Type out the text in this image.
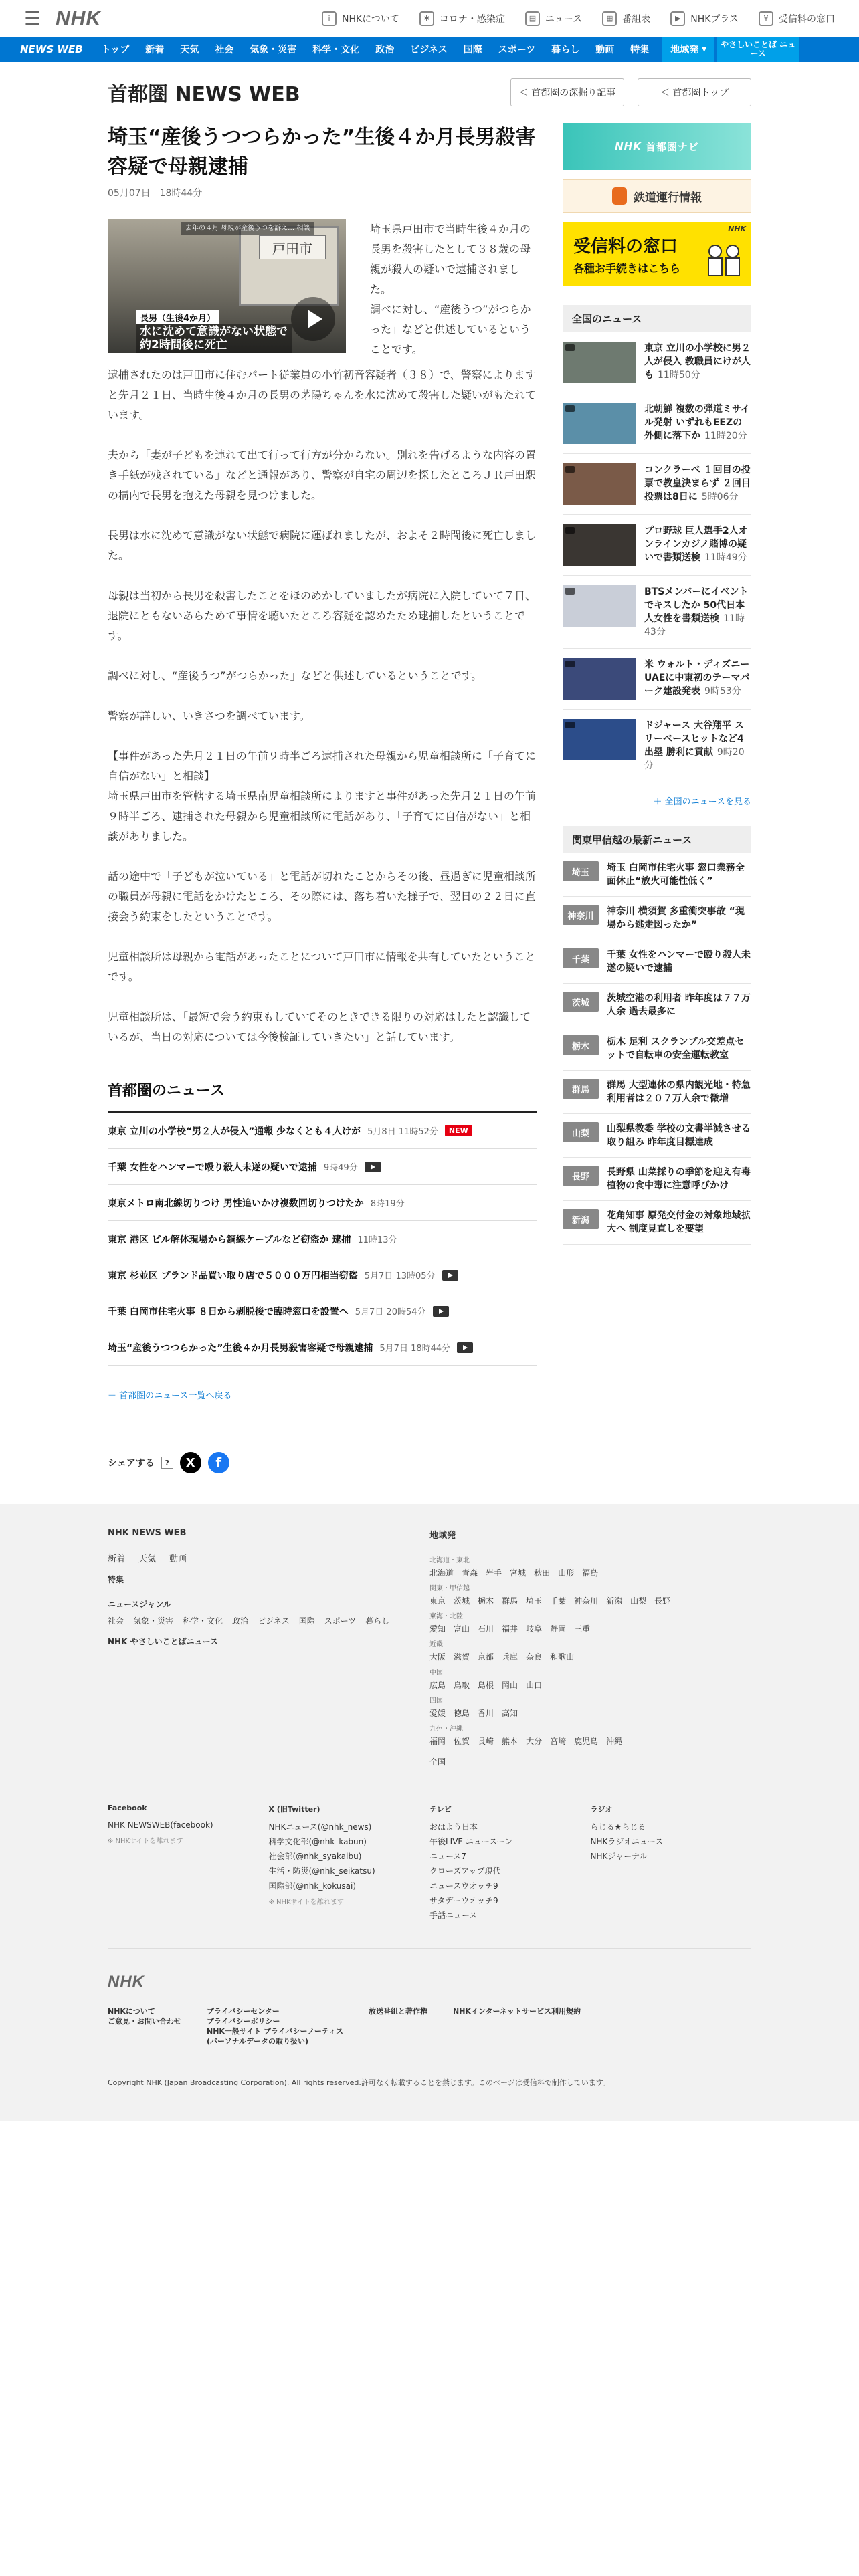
☰ NHK	i	NHKについて	✱	コロナ・感染症	▤ ニュース	▦ 番組表	▶	NHKプラス	¥	受信料の窓口
NEWS WEB	トップ	新着	天気	社会	気象・災害	科学・文化	政治	ビジネス	国際	スポーツ	暮らし	動画	特集	地域発 ▾	やさしいことば ニュース
首都圏 NEWS WEB	＜ 首都圏の深掘り記事	＜ 首都圏トップ
埼玉“産後うつつらかった”生後４か月長男殺害容疑で母親逮捕
05月07日 18時44分
戸田市
去年の４月 母親が産後うつを訴え… 相談
長男（生後4か月）
水に沈めて意識がない状態で
約2時間後に死亡

埼玉県戸田市で当時生後４か月の長男を殺害したとして３８歳の母親が殺人の疑いで逮捕されました。

調べに対し、“産後うつ”がつらかった」などと供述しているということです。

逮捕されたのは戸田市に住むパート従業員の小竹初音容疑者（３８）で、警察によりますと先月２１日、当時生後４か月の長男の茅陽ちゃんを水に沈めて殺害した疑いがもたれています。

夫から「妻が子どもを連れて出て行って行方が分からない。別れを告げるような内容の置き手紙が残されている」などと通報があり、警察が自宅の周辺を探したところＪＲ戸田駅の構内で長男を抱えた母親を見つけました。

長男は水に沈めて意識がない状態で病院に運ばれましたが、およそ２時間後に死亡しました。

母親は当初から長男を殺害したことをほのめかしていましたが病院に入院していて７日、退院にともないあらためて事情を聴いたところ容疑を認めたため逮捕したということです。

調べに対し、“産後うつ”がつらかった」などと供述しているということです。

警察が詳しい、いきさつを調べています。

【事件があった先月２１日の午前９時半ごろ逮捕された母親から児童相談所に「子育てに自信がない」と相談】
埼玉県戸田市を管轄する埼玉県南児童相談所によりますと事件があった先月２１日の午前９時半ごろ、逮捕された母親から児童相談所に電話があり、「子育てに自信がない」と相談がありました。

話の途中で「子どもが泣いている」と電話が切れたことからその後、昼過ぎに児童相談所の職員が母親に電話をかけたところ、その際には、落ち着いた様子で、翌日の２２日に直接会う約束をしたということです。

児童相談所は母親から電話があったことについて戸田市に情報を共有していたということです。

児童相談所は、「最短で会う約束もしていてそのときできる限りの対応はしたと認識しているが、当日の対応については今後検証していきたい」と話しています。

首都圏のニュース
東京 立川の小学校“男２人が侵入”通報 少なくとも４人けが 5月8日 11時52分	NEW
千葉 女性をハンマーで殴り殺人未遂の疑いで逮捕 9時49分
東京メトロ南北線切りつけ 男性追いかけ複数回切りつけたか 8時19分
東京 港区 ビル解体現場から銅線ケーブルなど窃盗か 逮捕 11時13分
東京 杉並区 ブランド品買い取り店で５０００万円相当窃盗 5月7日 13時05分
千葉 白岡市住宅火事 ８日から剥脱後で臨時窓口を設置へ 5月7日 20時54分
埼玉“産後うつつらかった”生後４か月長男殺害容疑で母親逮捕 5月7日 18時44分
＋ 首都圏のニュース一覧へ戻る
シェアする	?	X	f
NHK 首都圏ナビ
鉄道運行情報
NHK
受信料の窓口
各種お手続きはこちら
全国のニュース
東京 立川の小学校に男２人が侵入 教職員にけが人も 11時50分
北朝鮮 複数の弾道ミサイル発射 いずれもEEZの外側に落下か 11時20分
コンクラーベ １回目の投票で教皇決まらず ２回目投票は8日に 5時06分
プロ野球 巨人選手2人オンラインカジノ賭博の疑いで書類送検 11時49分
BTSメンバーにイベントでキスしたか 50代日本人女性を書類送検 11時43分
米 ウォルト・ディズニー UAEに中東初のテーマパーク建設発表 9時53分
ドジャース 大谷翔平 スリーベースヒットなど4出塁 勝利に貢献 9時20分
＋ 全国のニュースを見る
関東甲信越の最新ニュース
埼玉	埼玉 白岡市住宅火事 窓口業務全面休止“放火可能性低く”
神奈川	神奈川 横須賀 多重衝突事故 “現場から逃走図ったか”
千葉	千葉 女性をハンマーで殴り殺人未遂の疑いで逮捕
茨城	茨城空港の利用者 昨年度は７７万人余 過去最多に
栃木	栃木 足利 スクランブル交差点セットで自転車の安全運転教室
群馬	群馬 大型連休の県内観光地・特急利用者は２０７万人余で微増
山梨	山梨県教委 学校の文書半減させる取り組み 昨年度目標達成
長野	長野県 山菜採りの季節を迎え有毒植物の食中毒に注意呼びかけ
新潟	花角知事 原発交付金の対象地域拡大へ 制度見直しを要望
NHK NEWS WEB
新着 天気 動画
特集
ニュースジャンル
社会 気象・災害 科学・文化 政治 ビジネス 国際 スポーツ 暮らし
NHK やさしいことばニュース
地域発
北海道・東北
北海道 青森 岩手 宮城 秋田 山形 福島
関東・甲信越
東京 茨城 栃木 群馬 埼玉 千葉 神奈川 新潟 山梨 長野
東海・北陸
愛知 富山 石川 福井 岐阜 静岡 三重
近畿
大阪 滋賀 京都 兵庫 奈良 和歌山
中国
広島 鳥取 島根 岡山 山口
四国
愛媛 徳島 香川 高知
九州・沖縄
福岡 佐賀 長崎 熊本 大分 宮崎 鹿児島 沖縄
全国
Facebook
NHK NEWSWEB(facebook)
※ NHKサイトを離れます
X (旧Twitter)
NHKニュース(@nhk_news)
科学文化部(@nhk_kabun)
社会部(@nhk_syakaibu)
生活・防災(@nhk_seikatsu)
国際部(@nhk_kokusai)
※ NHKサイトを離れます
テレビ
おはよう日本
午後LIVE ニュースーン
ニュース7
クローズアップ現代
ニュースウオッチ9
サタデーウオッチ9
手話ニュース
ラジオ
らじる★らじる
NHKラジオニュース
NHKジャーナル
NHK
NHKについて
ご意見・お問い合わせ
プライバシーセンター
プライバシーポリシー
NHK一般サイト プライバシーノーティス
(パーソナルデータの取り扱い)
放送番組と著作権	NHKインターネットサービス利用規約
Copyright NHK (Japan Broadcasting Corporation). All rights reserved.許可なく転載することを禁じます。このページは受信料で制作しています。
